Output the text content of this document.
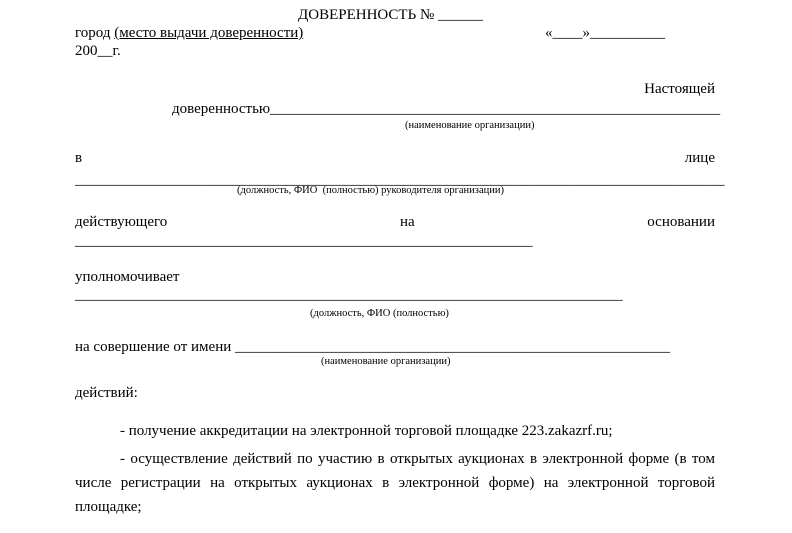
ДОВЕРЕННОСТЬ № ______
город (место выдачи доверенности)	«____»__________
200__г.
Настоящей
доверенностью____________________________________________________________
(наименование организации)
в	лице
_________________________________________________________________________________________
(должность, ФИО  (полностью) руководителя организации)
действующего	на	основании
_____________________________________________________________
уполномочивает
_________________________________________________________________________
(должность, ФИО (полностью)
на совершение от имени __________________________________________________________
(наименование организации)
действий:
- получение аккредитации на электронной торговой площадке 223.zakazrf.ru;
- осуществление действий по участию в открытых аукционах в электронной форме (в том числе регистрации на открытых аукционах в электронной форме) на электронной торговой площадке;
